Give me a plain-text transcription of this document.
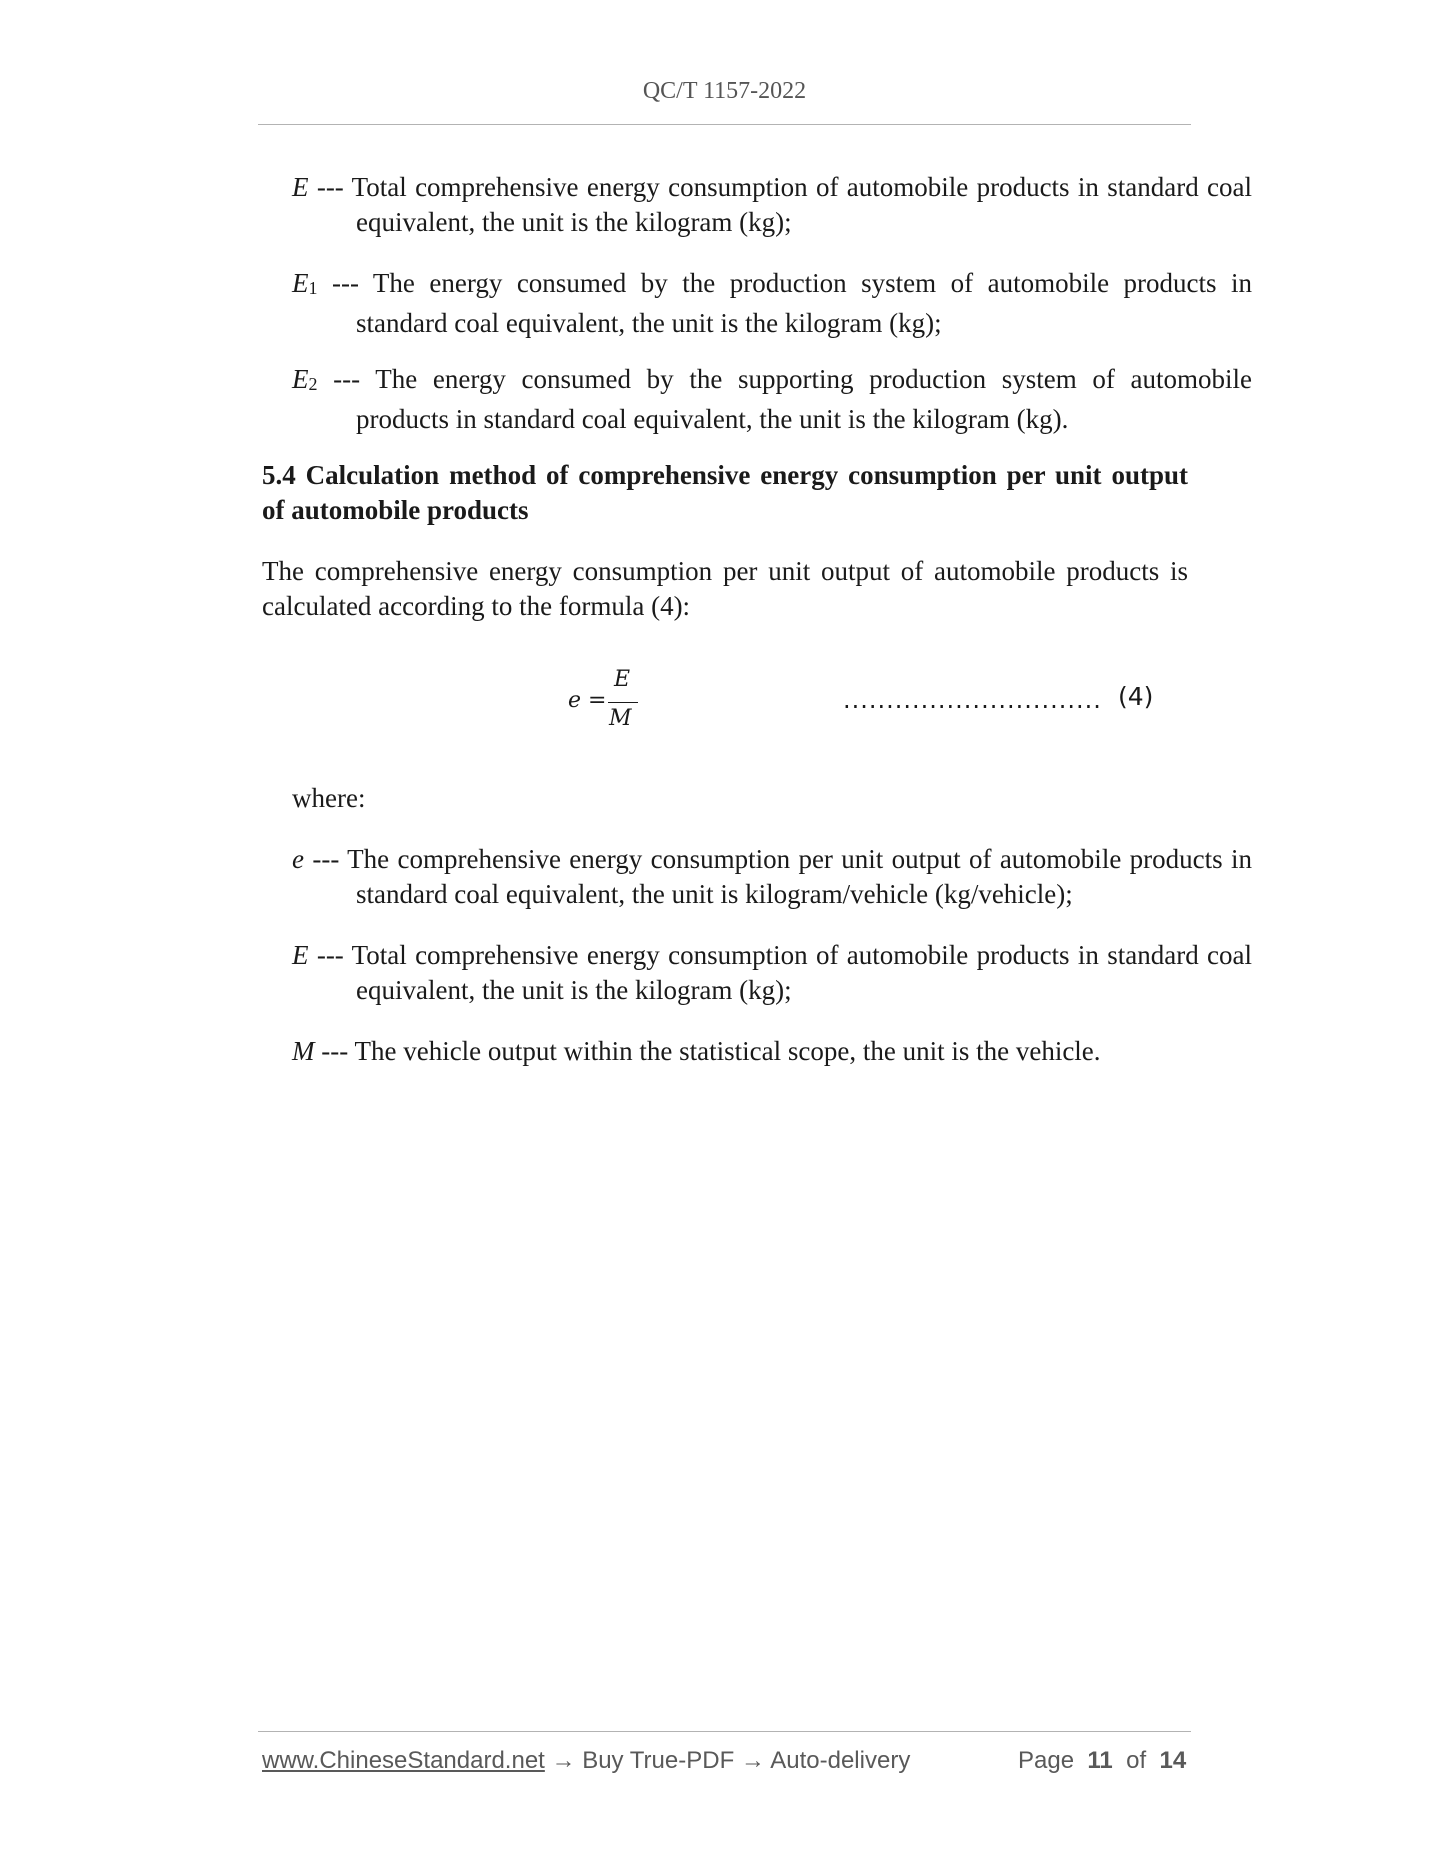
QC/T 1157-2022
E --- Total comprehensive energy consumption of automobile products in standard coal equivalent, the unit is the kilogram (kg);
$E_1$ --- The energy consumed by the production system of automobile products in standard coal equivalent, the unit is the kilogram (kg);
$E_2$ --- The energy consumed by the supporting production system of automobile products in standard coal equivalent, the unit is the kilogram (kg).
5.4 Calculation method of comprehensive energy consumption per unit output of automobile products
The comprehensive energy consumption per unit output of automobile products is calculated according to the formula (4):
e =
E
M
.............................. (4)
where:
e --- The comprehensive energy consumption per unit output of automobile products in standard coal equivalent, the unit is kilogram/vehicle (kg/vehicle);
E --- Total comprehensive energy consumption of automobile products in standard coal equivalent, the unit is the kilogram (kg);
M --- The vehicle output within the statistical scope, the unit is the vehicle.
www.ChineseStandard.net → Buy True-PDF → Auto-delivery	Page 11 of 14
